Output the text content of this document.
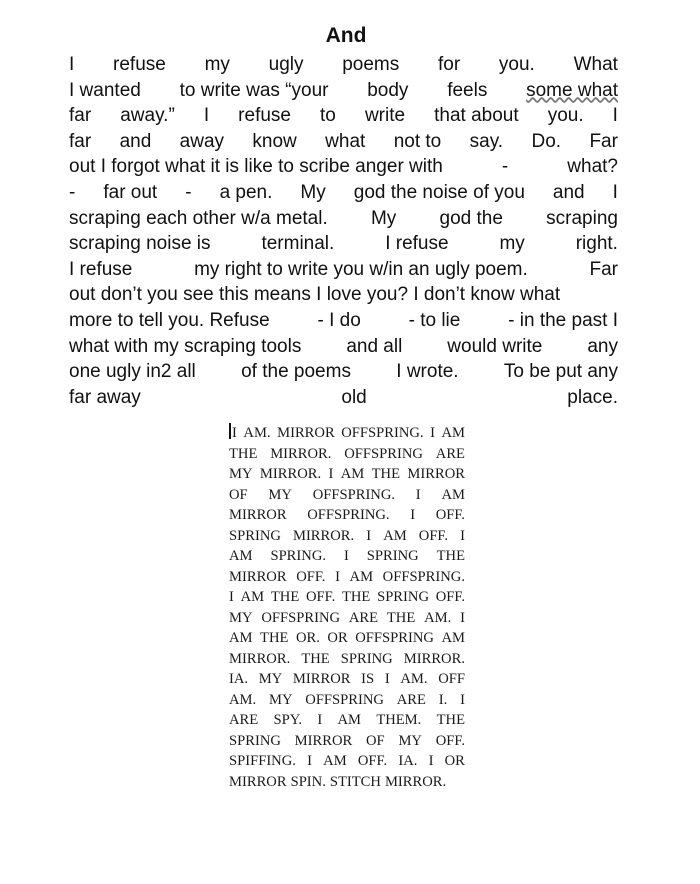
And
I refuse my ugly poems for you. What
I wanted to write was “your body feels some what
far away.” I refuse to write that about you. I
far and away know what not to say. Do. Far
out I forgot what it is like to scribe anger with	-	what?
- far out - a pen. My god the noise of you and I
scraping each other w/a metal. My god the scraping
scraping noise is	terminal.	I refuse	my	right.
I refuse	my right to write you w/in an ugly poem.	Far
out don’t you see this means I love you? I don’t know what
more to tell you. Refuse	- I do	- to lie	- in the past I
what with my scraping tools and all would write any
one ugly in2 all of the poems I wrote. To be put any
far away	old	place.
I AM. MIRROR OFFSPRING. I AM
THE MIRROR. OFFSPRING ARE
MY MIRROR. I AM THE MIRROR
OF MY OFFSPRING. I AM
MIRROR OFFSPRING. I OFF.
SPRING MIRROR. I AM OFF. I
AM SPRING. I SPRING THE
MIRROR OFF. I AM OFFSPRING.
I AM THE OFF. THE SPRING OFF.
MY OFFSPRING ARE THE AM. I
AM THE OR. OR OFFSPRING AM
MIRROR. THE SPRING MIRROR.
IA. MY MIRROR IS I AM. OFF
AM. MY OFFSPRING ARE I. I
ARE SPY. I AM THEM. THE
SPRING MIRROR OF MY OFF.
SPIFFING. I AM OFF. IA. I OR
MIRROR SPIN. STITCH MIRROR.
